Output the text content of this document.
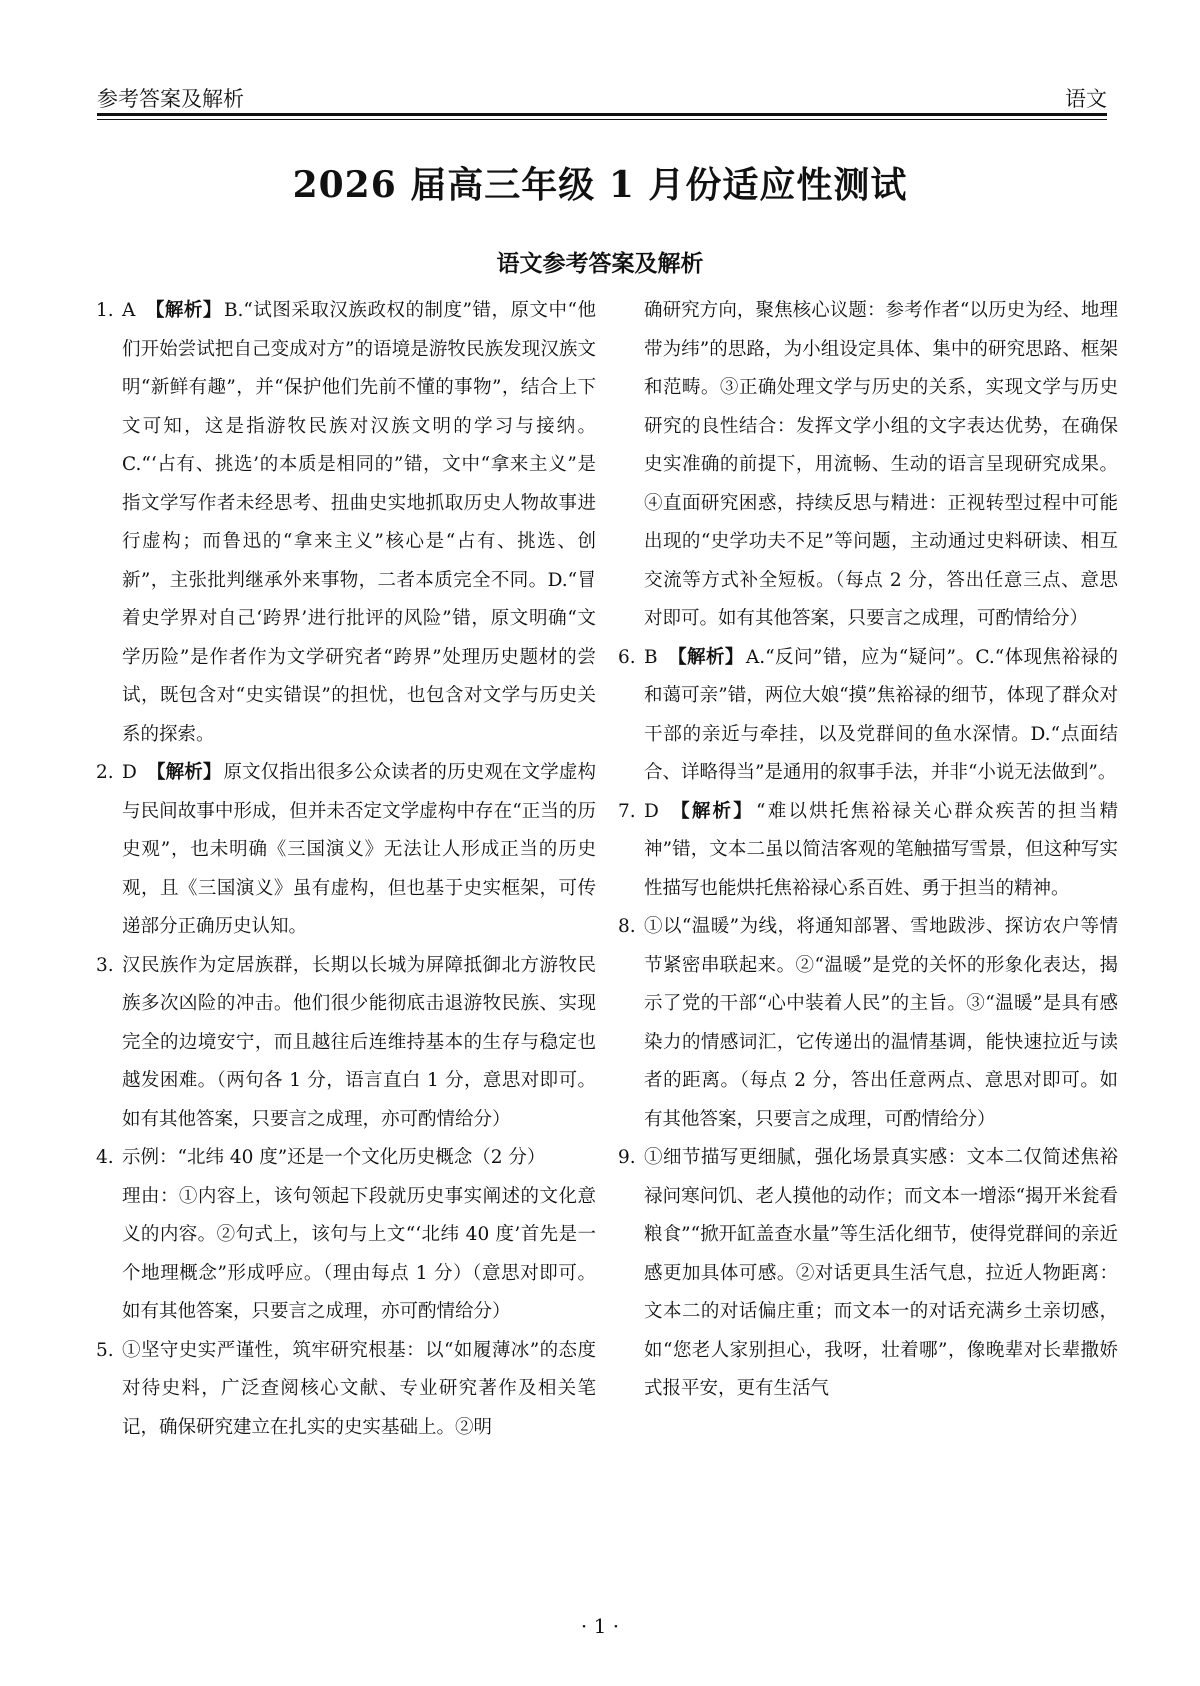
参考答案及解析	语文
2026 届高三年级 1 月份适应性测试
语文参考答案及解析
1. A 【解析】 B.“试图采取汉族政权的制度”错，原文中“他们开始尝试把自己变成对方”的语境是游牧民族发现汉族文明“新鲜有趣”，并“保护他们先前不懂的事物”，结合上下文可知，这是指游牧民族对汉族文明的学习与接纳。C.“‘占有、挑选’的本质是相同的”错，文中“拿来主义”是指文学写作者未经思考、扭曲史实地抓取历史人物故事进行虚构；而鲁迅的“拿来主义”核心是“占有、挑选、创新”，主张批判继承外来事物，二者本质完全不同。D.“冒着史学界对自己‘跨界’进行批评的风险”错，原文明确“文学历险”是作者作为文学研究者“跨界”处理历史题材的尝试，既包含对“史实错误”的担忧，也包含对文学与历史关系的探索。
2. D 【解析】 原文仅指出很多公众读者的历史观在文学虚构与民间故事中形成，但并未否定文学虚构中存在“正当的历史观”，也未明确《三国演义》无法让人形成正当的历史观，且《三国演义》虽有虚构，但也基于史实框架，可传递部分正确历史认知。
3. 汉民族作为定居族群，长期以长城为屏障抵御北方游牧民族多次凶险的冲击。他们很少能彻底击退游牧民族、实现完全的边境安宁，而且越往后连维持基本的生存与稳定也越发困难。（两句各 1 分，语言直白 1 分，意思对即可。如有其他答案，只要言之成理，亦可酌情给分）
4. 示例：“北纬 40 度”还是一个文化历史概念（2 分）

理由：①内容上，该句领起下段就历史事实阐述的文化意义的内容。②句式上，该句与上文“‘北纬 40 度’首先是一个地理概念”形成呼应。（理由每点 1 分）（意思对即可。如有其他答案，只要言之成理，亦可酌情给分）

5. ①坚守史实严谨性，筑牢研究根基：以“如履薄冰”的态度对待史料，广泛查阅核心文献、专业研究著作及相关笔记，确保研究建立在扎实的史实基础上。②明

确研究方向，聚焦核心议题：参考作者“以历史为经、地理带为纬”的思路，为小组设定具体、集中的研究思路、框架和范畴。③正确处理文学与历史的关系，实现文学与历史研究的良性结合：发挥文学小组的文字表达优势，在确保史实准确的前提下，用流畅、生动的语言呈现研究成果。④直面研究困惑，持续反思与精进：正视转型过程中可能出现的“史学功夫不足”等问题，主动通过史料研读、相互交流等方式补全短板。（每点 2 分，答出任意三点、意思对即可。如有其他答案，只要言之成理，可酌情给分）

6. B 【解析】 A.“反问”错，应为“疑问”。C.“体现焦裕禄的和蔼可亲”错，两位大娘“摸”焦裕禄的细节，体现了群众对干部的亲近与牵挂，以及党群间的鱼水深情。D.“点面结合、详略得当”是通用的叙事手法，并非“小说无法做到”。
7. D 【解析】 “难以烘托焦裕禄关心群众疾苦的担当精神”错，文本二虽以简洁客观的笔触描写雪景，但这种写实性描写也能烘托焦裕禄心系百姓、勇于担当的精神。
8. ①以“温暖”为线，将通知部署、雪地跋涉、探访农户等情节紧密串联起来。②“温暖”是党的关怀的形象化表达，揭示了党的干部“心中装着人民”的主旨。③“温暖”是具有感染力的情感词汇，它传递出的温情基调，能快速拉近与读者的距离。（每点 2 分，答出任意两点、意思对即可。如有其他答案，只要言之成理，可酌情给分）
9. ①细节描写更细腻，强化场景真实感：文本二仅简述焦裕禄问寒问饥、老人摸他的动作；而文本一增添“揭开米瓮看粮食”“掀开缸盖查水量”等生活化细节，使得党群间的亲近感更加具体可感。②对话更具生活气息，拉近人物距离：文本二的对话偏庄重；而文本一的对话充满乡土亲切感，如“您老人家别担心，我呀，壮着哪”，像晚辈对长辈撒娇式报平安，更有生活气
· 1 ·
